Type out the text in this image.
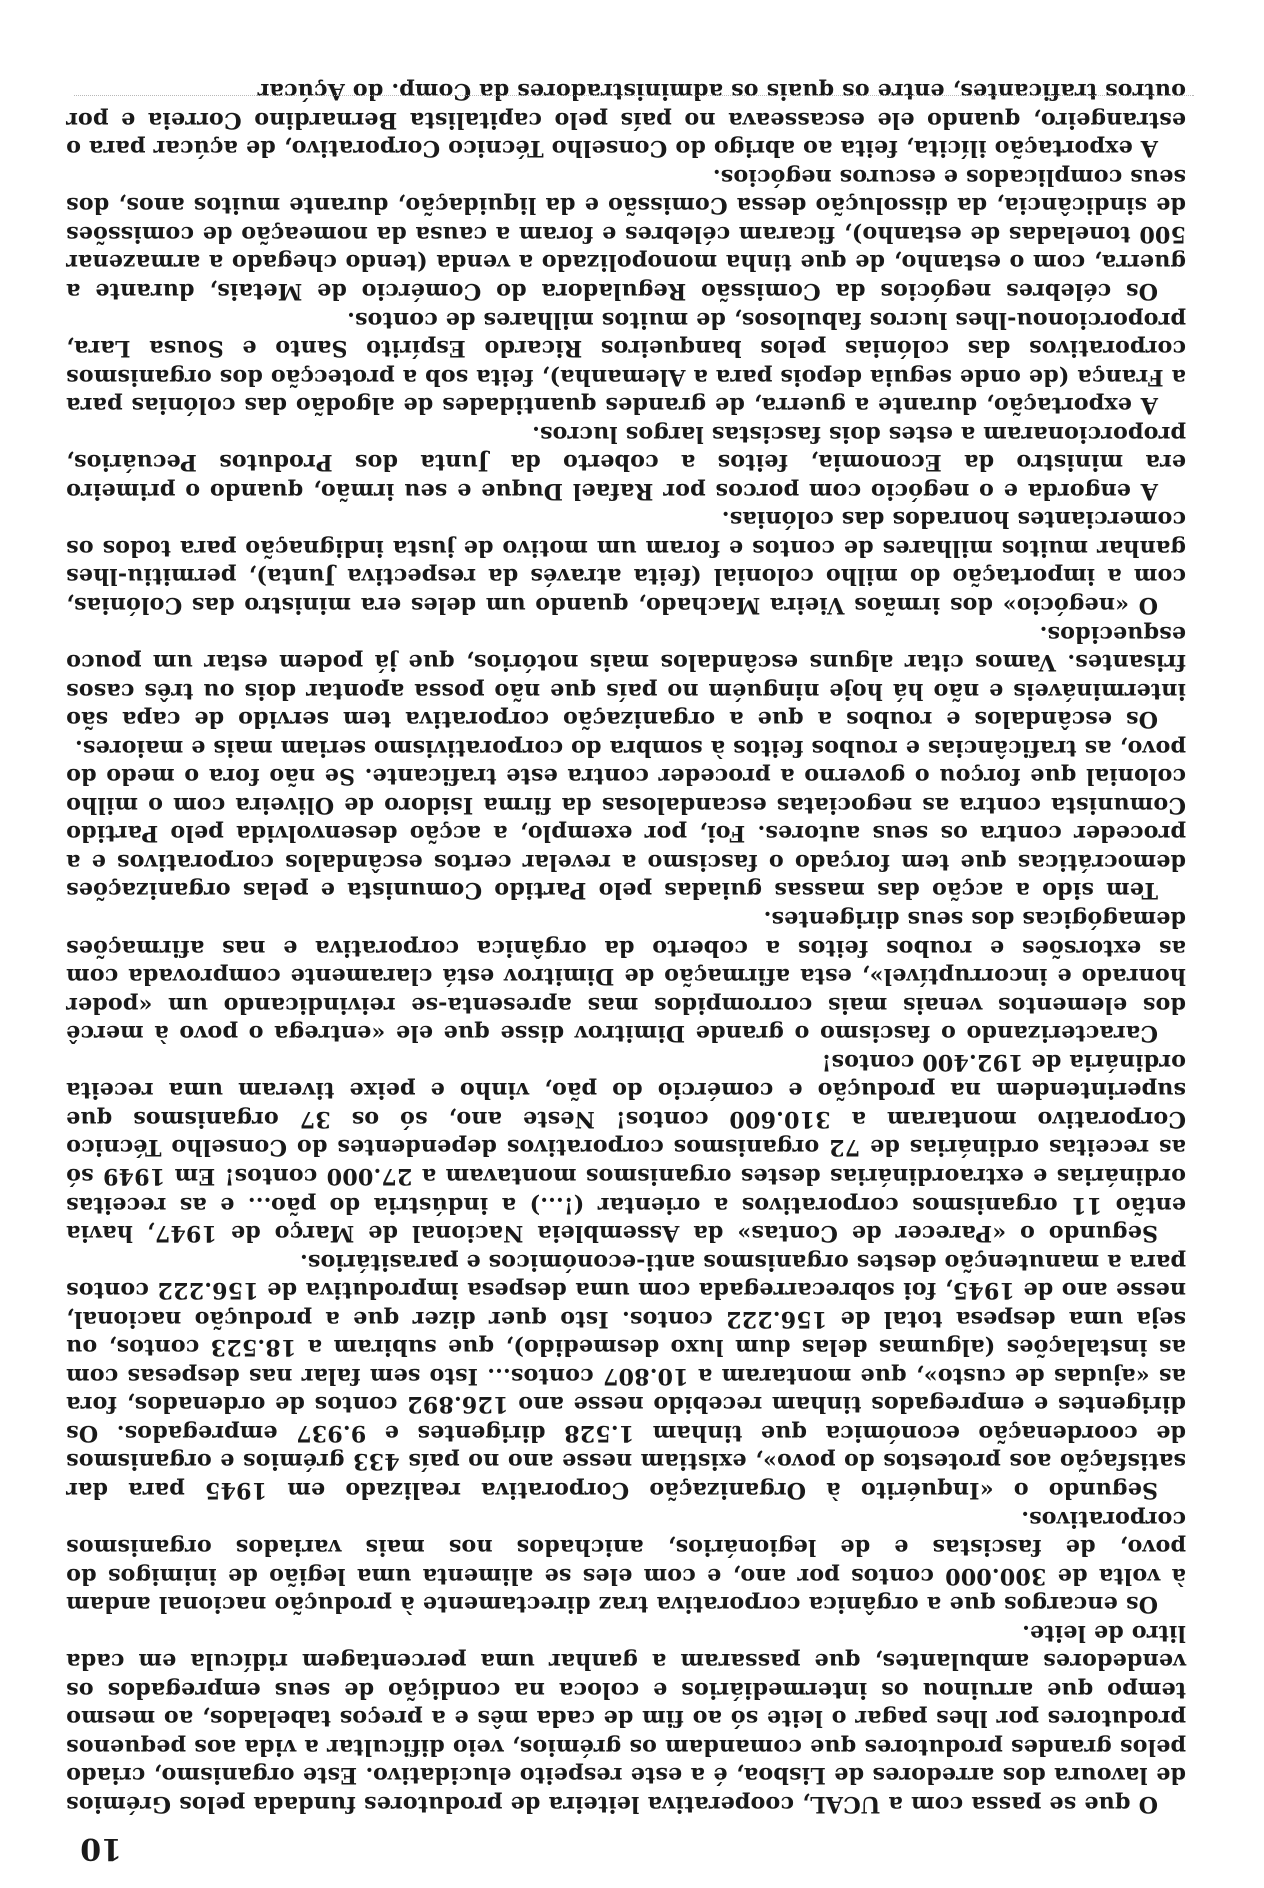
10

O que se passa com a UCAL, cooperativa leiteira de produtores fundada pelos Grémios de lavoura dos arredores de Lisboa, é a este respeito elucidativo. Este organismo, criado pelos grandes produtores que comandam os grémios, veio dificultar a vida aos pequenos produtores por lhes pagar o leite só ao fim de cada mês e a preços tabelados, ao mesmo tempo que arruinou os intermediários e coloca na condição de seus empregados os vendedores ambulantes, que passaram a ganhar uma percentagem ridícula em cada litro de leite.

Os encargos que a orgânica corporativa traz directamente à produção nacional andam à volta de 300.000 contos por ano, e com eles se alimenta uma legião de inimigos do povo, de fascistas e de legionários, anichados nos mais variados organismos corporativos.

Segundo o «Inquérito à Organização Corporativa realizado em 1945 para dar satisfação aos protestos do povo», existiam nesse ano no país 433 grémios e organismos de coordenação económica que tinham 1.528 dirigentes e 9.937 empregados. Os dirigentes e empregados tinham recebido nesse ano 126.892 contos de ordenados, fora as «ajudas de custo», que montaram a 10.807 contos... Isto sem falar nas despesas com as instalações (algumas delas dum luxo desmedido), que subiram a 18.523 contos, ou seja uma despesa total de 156.222 contos. Isto quer dizer que a produção nacional, nesse ano de 1945, foi sobrecarregada com uma despesa improdutiva de 156.222 contos para a manutenção destes organismos anti-económicos e parasitários.

Segundo o «Parecer de Contas» da Assembleia Nacional de Março de 1947, havia então 11 organismos corporativos a orientar (!...) a indústria do pão... e as receitas ordinárias e extraordinárias destes organismos montavam a 27.000 contos! Em 1949 só as receitas ordinárias de 72 organismos corporativos dependentes do Conselho Técnico Corporativo montaram a 310.600 contos! Neste ano, só os 37 organismos que superintendem na produção e comércio do pão, vinho e peixe tiveram uma receita ordinária de 192.400 contos!

Caracterizando o fascismo o grande Dimitrov disse que ele «entrega o povo à mercê dos elementos venais mais corrompidos mas apresenta-se reivindicando um «poder honrado e incorruptível», esta afirmação de Dimitrov está claramente comprovada com as extorsões e roubos feitos a coberto da orgânica corporativa e nas afirmações demagógicas dos seus dirigentes.

Tem sido a acção das massas guiadas pelo Partido Comunista e pelas organizações democráticas que tem forçado o fascismo a revelar certos escândalos corporativos e a proceder contra os seus autores. Foi, por exemplo, a acção desenvolvida pelo Partido Comunista contra as negociatas escandalosas da firma Isidoro de Oliveira com o milho colonial que forçou o governo a proceder contra este traficante. Se não fora o medo do povo, as traficâncias e roubos feitos à sombra do corporativismo seriam mais e maiores.

Os escândalos e roubos a que a organização corporativa tem servido de capa são intermináveis e não há hoje ninguém no país que não possa apontar dois ou três casos frisantes. Vamos citar alguns escândalos mais notórios, que já podem estar um pouco esquecidos.

O «negócio» dos irmãos Vieira Machado, quando um deles era ministro das Colónias, com a importação do milho colonial (feita através da respectiva Junta), permitiu-lhes ganhar muitos milhares de contos e foram um motivo de justa indignação para todos os comerciantes honrados das colónias.

A engorda e o negócio com porcos por Rafael Duque e seu irmão, quando o primeiro era ministro da Economia, feitos a coberto da Junta dos Produtos Pecuários, proporcionaram a estes dois fascistas largos lucros.

A exportação, durante a guerra, de grandes quantidades de algodão das colónias para a França (de onde seguia depois para a Alemanha), feita sob a protecção dos organismos corporativos das colónias pelos banqueiros Ricardo Espírito Santo e Sousa Lara, proporcionou-lhes lucros fabulosos, de muitos milhares de contos.

Os célebres negócios da Comissão Reguladora do Comércio de Metais, durante a guerra, com o estanho, de que tinha monopolizado a venda (tendo chegado a armazenar 500 toneladas de estanho), ficaram célebres e foram a causa da nomeação de comissões de sindicância, da dissolução dessa Comissão e da liquidação, durante muitos anos, dos seus complicados e escuros negócios.

A exportação ilícita, feita ao abrigo do Conselho Técnico Corporativo, de açúcar para o estrangeiro, quando ele escasseava no país pelo capitalista Bernardino Correia e por outros traficantes, entre os quais os administradores da Comp. do Açúcar
